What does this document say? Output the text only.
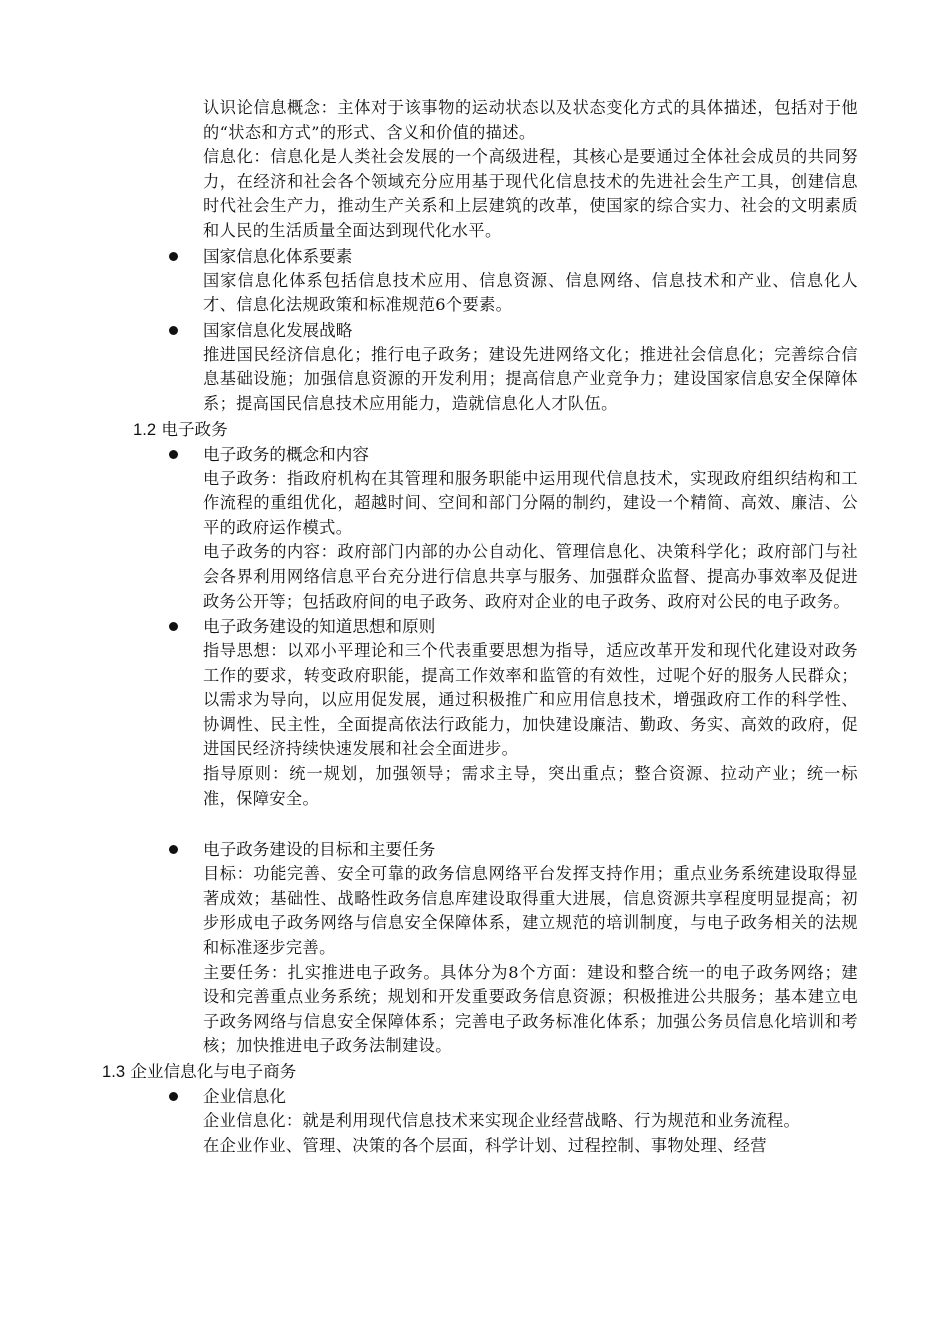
认识论信息概念：主体对于该事物的运动状态以及状态变化方式的具体描述，包括对于他的“状态和方式”的形式、含义和价值的描述。

信息化：信息化是人类社会发展的一个高级进程，其核心是要通过全体社会成员的共同努力，在经济和社会各个领域充分应用基于现代化信息技术的先进社会生产工具，创建信息时代社会生产力，推动生产关系和上层建筑的改革，使国家的综合实力、社会的文明素质和人民的生活质量全面达到现代化水平。

国家信息化体系要素

国家信息化体系包括信息技术应用、信息资源、信息网络、信息技术和产业、信息化人才、信息化法规政策和标准规范6个要素。

国家信息化发展战略

推进国民经济信息化；推行电子政务；建设先进网络文化；推进社会信息化；完善综合信息基础设施；加强信息资源的开发利用；提高信息产业竞争力；建设国家信息安全保障体系；提高国民信息技术应用能力，造就信息化人才队伍。

1.2 电子政务
电子政务的概念和内容

电子政务：指政府机构在其管理和服务职能中运用现代信息技术，实现政府组织结构和工作流程的重组优化，超越时间、空间和部门分隔的制约，建设一个精简、高效、廉洁、公平的政府运作模式。

电子政务的内容：政府部门内部的办公自动化、管理信息化、决策科学化；政府部门与社会各界利用网络信息平台充分进行信息共享与服务、加强群众监督、提高办事效率及促进政务公开等；包括政府间的电子政务、政府对企业的电子政务、政府对公民的电子政务。

电子政务建设的知道思想和原则

指导思想：以邓小平理论和三个代表重要思想为指导，适应改革开发和现代化建设对政务工作的要求，转变政府职能，提高工作效率和监管的有效性，过呢个好的服务人民群众；以需求为导向，以应用促发展，通过积极推广和应用信息技术，增强政府工作的科学性、协调性、民主性，全面提高依法行政能力，加快建设廉洁、勤政、务实、高效的政府，促进国民经济持续快速发展和社会全面进步。

指导原则：统一规划，加强领导；需求主导，突出重点；整合资源、拉动产业；统一标准，保障安全。

电子政务建设的目标和主要任务

目标：功能完善、安全可靠的政务信息网络平台发挥支持作用；重点业务系统建设取得显著成效；基础性、战略性政务信息库建设取得重大进展，信息资源共享程度明显提高；初步形成电子政务网络与信息安全保障体系，建立规范的培训制度，与电子政务相关的法规和标准逐步完善。

主要任务：扎实推进电子政务。具体分为8个方面：建设和整合统一的电子政务网络；建设和完善重点业务系统；规划和开发重要政务信息资源；积极推进公共服务；基本建立电子政务网络与信息安全保障体系；完善电子政务标准化体系；加强公务员信息化培训和考核；加快推进电子政务法制建设。

1.3 企业信息化与电子商务
企业信息化

企业信息化：就是利用现代信息技术来实现企业经营战略、行为规范和业务流程。

在企业作业、管理、决策的各个层面，科学计划、过程控制、事物处理、经营
